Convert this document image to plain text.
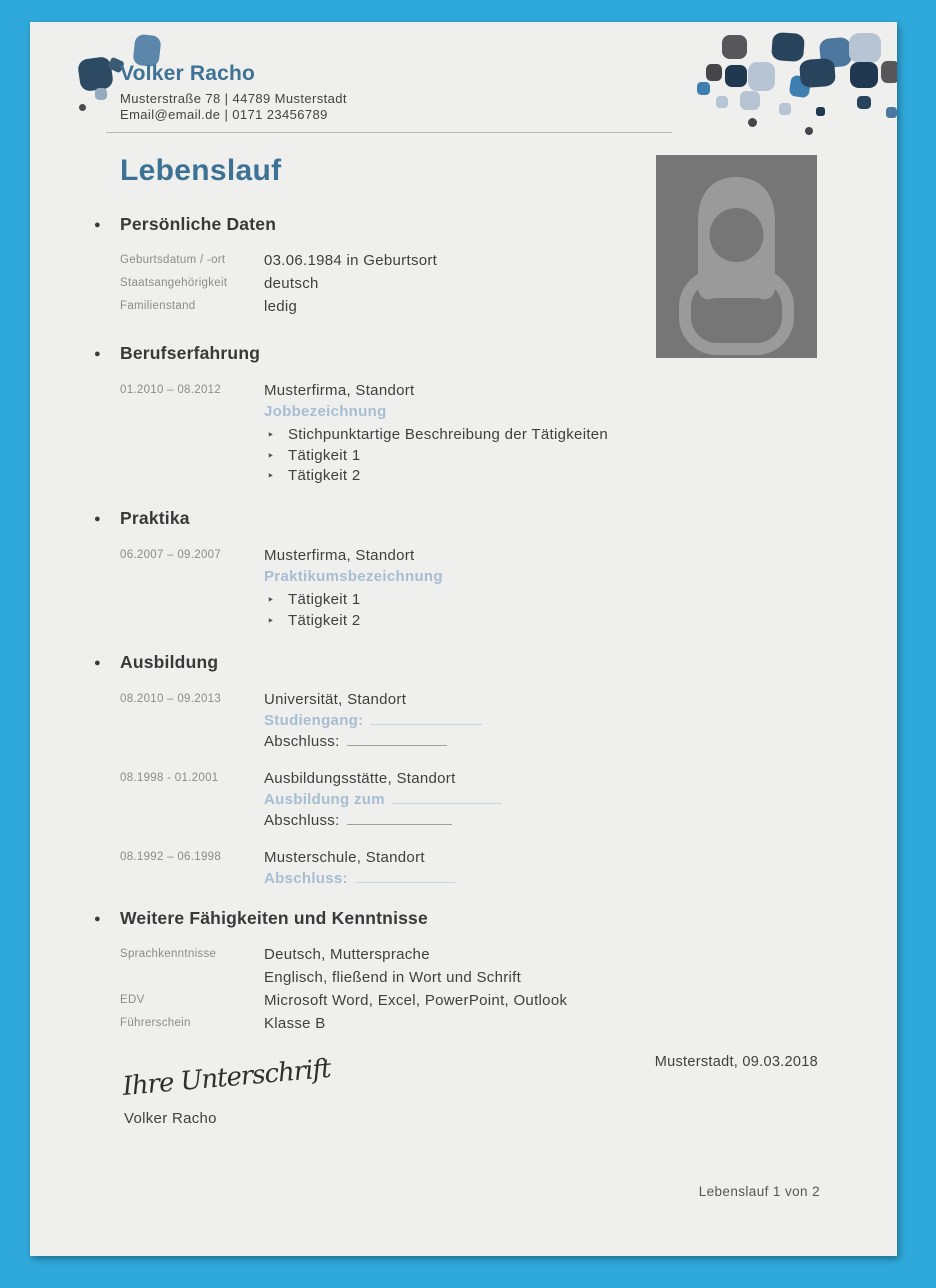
Volker Racho
Musterstraße 78 | 44789 Musterstadt
Email@email.de | 0171 23456789
Lebenslauf
●	Persönliche Daten
Geburtsdatum / -ort	03.06.1984 in Geburtsort
Staatsangehörigkeit	deutsch
Familienstand	ledig
●	Berufserfahrung
01.2010 – 08.2012	Musterfirma, Standort
Jobbezeichnung
‣ Stichpunktartige Beschreibung der Tätigkeiten
‣ Tätigkeit 1
‣ Tätigkeit 2
●	Praktika
06.2007 – 09.2007	Musterfirma, Standort
Praktikumsbezeichnung
‣ Tätigkeit 1
‣ Tätigkeit 2
●	Ausbildung
08.2010 – 09.2013	Universität, Standort
Studiengang:
Abschluss:
08.1998 - 01.2001	Ausbildungsstätte, Standort
Ausbildung zum
Abschluss:
08.1992 – 06.1998	Musterschule, Standort
Abschluss:
●	Weitere Fähigkeiten und Kenntnisse
Sprachkenntnisse	Deutsch, Muttersprache
Englisch, fließend in Wort und Schrift
EDV	Microsoft Word, Excel, PowerPoint, Outlook
Führerschein	Klasse B
Musterstadt, 09.03.2018
Ihre Unterschrift
Volker Racho
Lebenslauf 1 von 2
